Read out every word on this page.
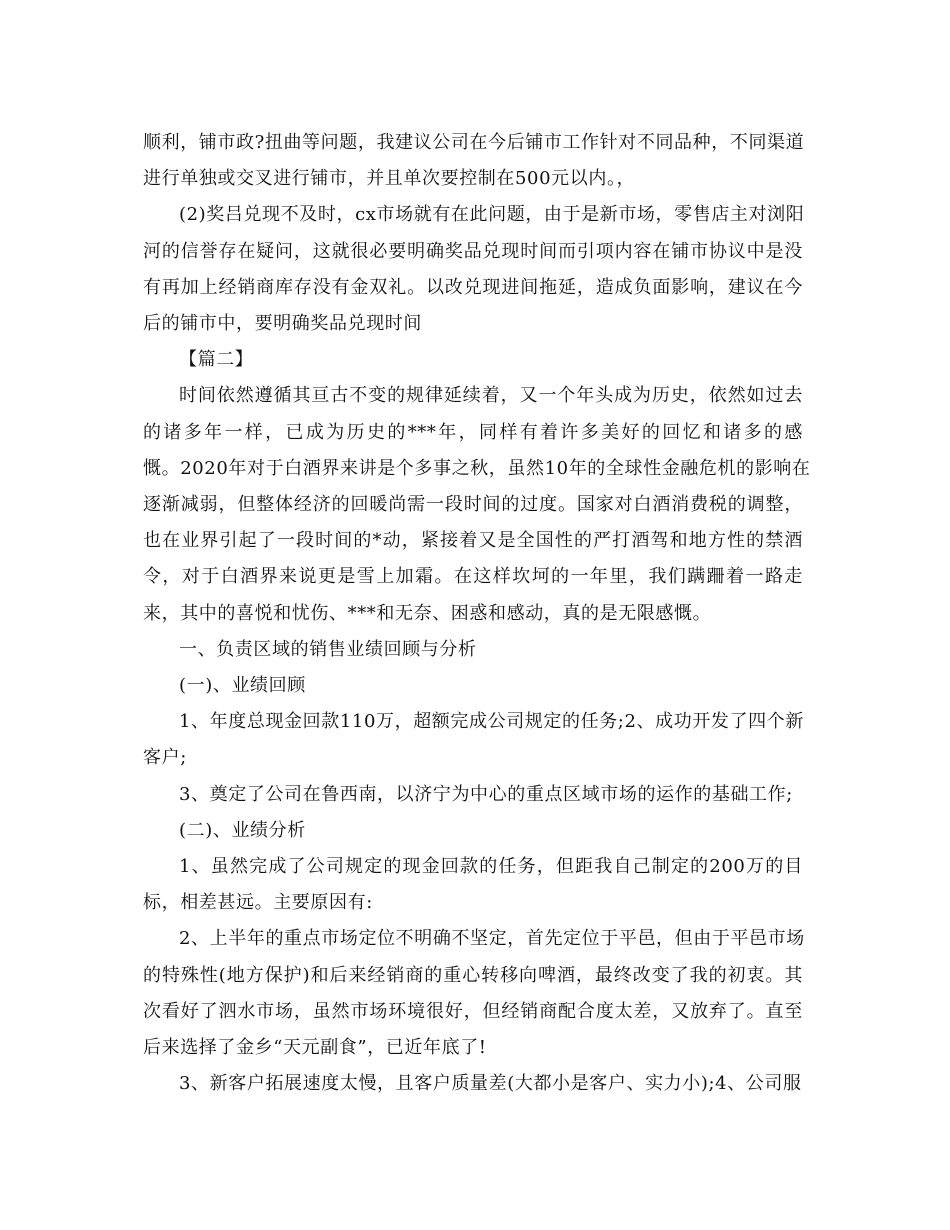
顺利，铺市政?扭曲等问题，我建议公司在今后铺市工作针对不同品种，不同渠道
进行单独或交叉进行铺市，并且单次要控制在500元以内。，

(2)奖吕兑现不及时，cx市场就有在此问题，由于是新市场，零售店主对浏阳
河的信誉存在疑问，这就很必要明确奖品兑现时间而引项内容在铺市协议中是没
有再加上经销商库存没有金双礼。以改兑现进间拖延，造成负面影响，建议在今
后的铺市中，要明确奖品兑现时间

【篇二】

时间依然遵循其亘古不变的规律延续着，又一个年头成为历史，依然如过去
的诸多年一样，已成为历史的***年，同样有着许多美好的回忆和诸多的感
慨。2020年对于白酒界来讲是个多事之秋，虽然10年的全球性金融危机的影响在
逐渐减弱，但整体经济的回暖尚需一段时间的过度。国家对白酒消费税的调整，
也在业界引起了一段时间的*动，紧接着又是全国性的严打酒驾和地方性的禁酒
令，对于白酒界来说更是雪上加霜。在这样坎坷的一年里，我们蹒跚着一路走
来，其中的喜悦和忧伤、***和无奈、困惑和感动，真的是无限感慨。

一、负责区域的销售业绩回顾与分析

(一)、业绩回顾

1、年度总现金回款110万，超额完成公司规定的任务;2、成功开发了四个新
客户;

3、奠定了公司在鲁西南，以济宁为中心的重点区域市场的运作的基础工作;

(二)、业绩分析

1、虽然完成了公司规定的现金回款的任务，但距我自己制定的200万的目
标，相差甚远。主要原因有:

2、上半年的重点市场定位不明确不坚定，首先定位于平邑，但由于平邑市场
的特殊性(地方保护)和后来经销商的重心转移向啤酒，最终改变了我的初衷。其
次看好了泗水市场，虽然市场环境很好，但经销商配合度太差，又放弃了。直至
后来选择了金乡“天元副食”，已近年底了!

3、新客户拓展速度太慢，且客户质量差(大都小是客户、实力小);4、公司服
